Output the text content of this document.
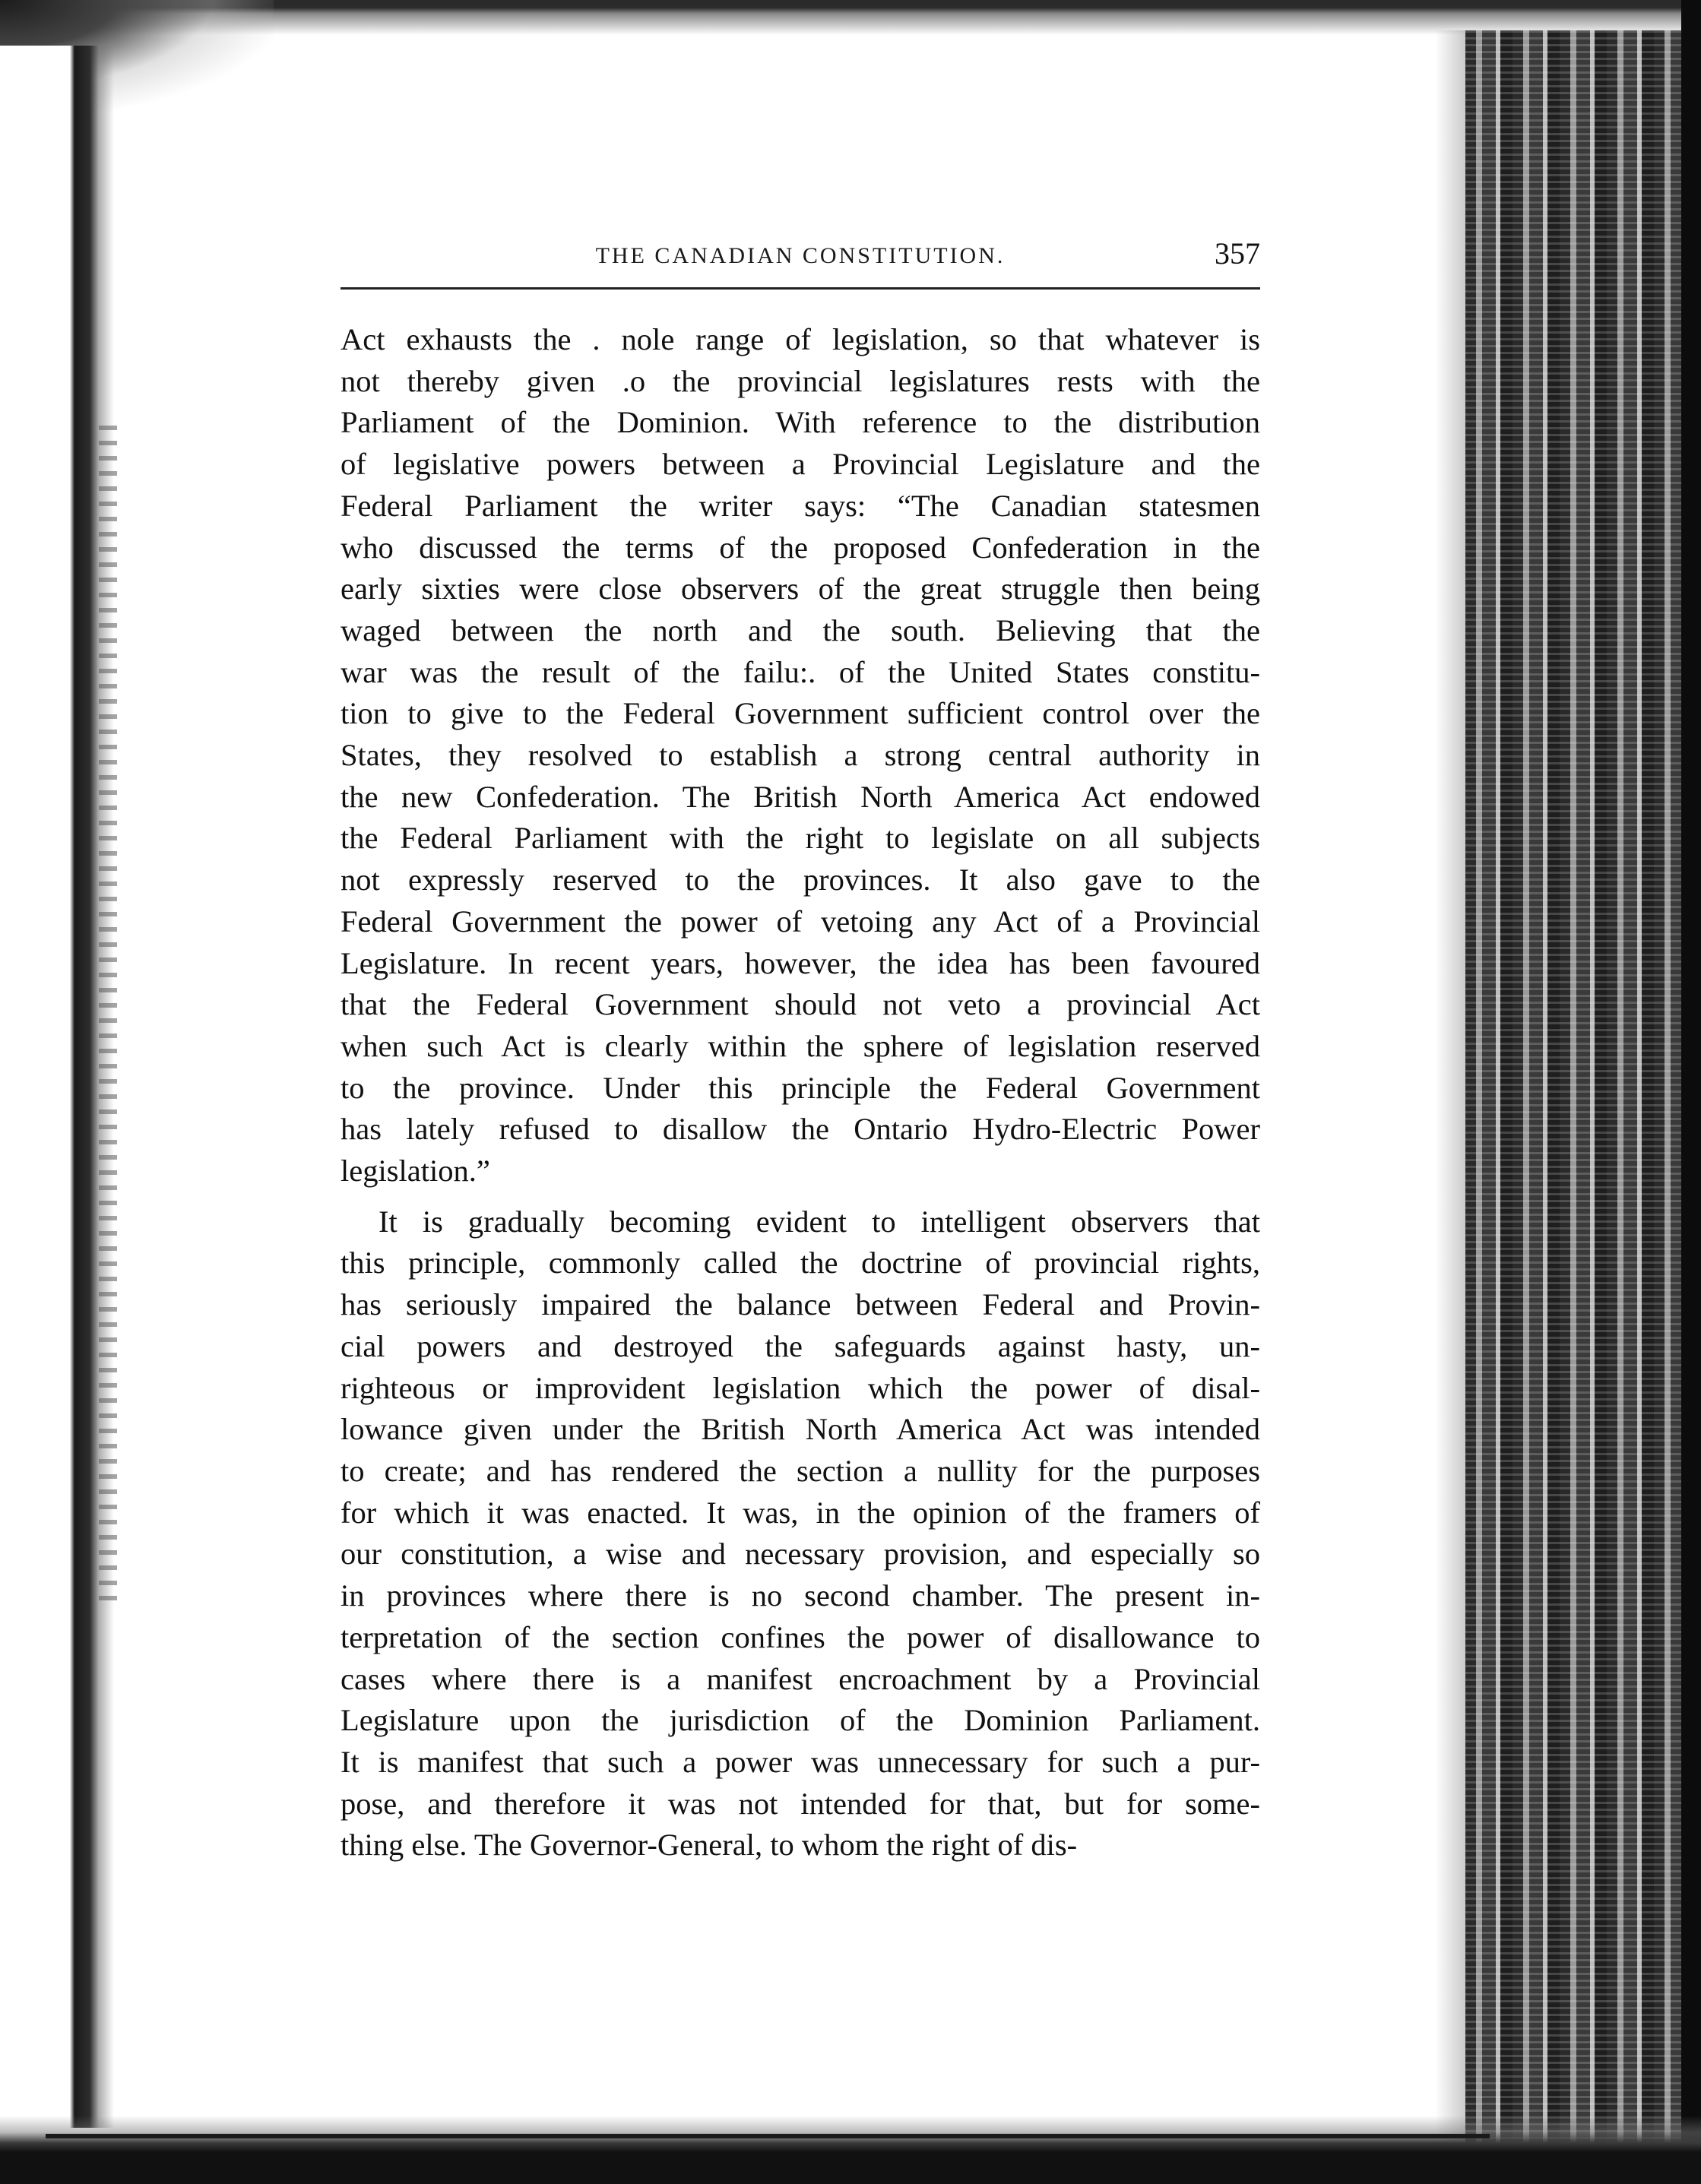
THE CANADIAN CONSTITUTION.	357

Act exhausts the . nole range of legislation, so that whatever is
not thereby given .o the provincial legislatures rests with the
Parliament of the Dominion. With reference to the distribution
of legislative powers between a Provincial Legislature and the
Federal Parliament the writer says: “The Canadian statesmen
who discussed the terms of the proposed Confederation in the
early sixties were close observers of the great struggle then being
waged between the north and the south. Believing that the
war was the result of the failu:. of the United States constitu-
tion to give to the Federal Government sufficient control over the
States, they resolved to establish a strong central authority in
the new Confederation. The British North America Act endowed
the Federal Parliament with the right to legislate on all subjects
not expressly reserved to the provinces. It also gave to the
Federal Government the power of vetoing any Act of a Provincial
Legislature. In recent years, however, the idea has been favoured
that the Federal Government should not veto a provincial Act
when such Act is clearly within the sphere of legislation reserved
to the province. Under this principle the Federal Government
has lately refused to disallow the Ontario Hydro-Electric Power
legislation.”

It is gradually becoming evident to intelligent observers that
this principle, commonly called the doctrine of provincial rights,
has seriously impaired the balance between Federal and Provin-
cial powers and destroyed the safeguards against hasty, un-
righteous or improvident legislation which the power of disal-
lowance given under the British North America Act was intended
to create; and has rendered the section a nullity for the purposes
for which it was enacted. It was, in the opinion of the framers of
our constitution, a wise and necessary provision, and especially so
in provinces where there is no second chamber. The present in-
terpretation of the section confines the power of disallowance to
cases where there is a manifest encroachment by a Provincial
Legislature upon the jurisdiction of the Dominion Parliament.
It is manifest that such a power was unnecessary for such a pur-
pose, and therefore it was not intended for that, but for some-
thing else. The Governor-General, to whom the right of dis-
